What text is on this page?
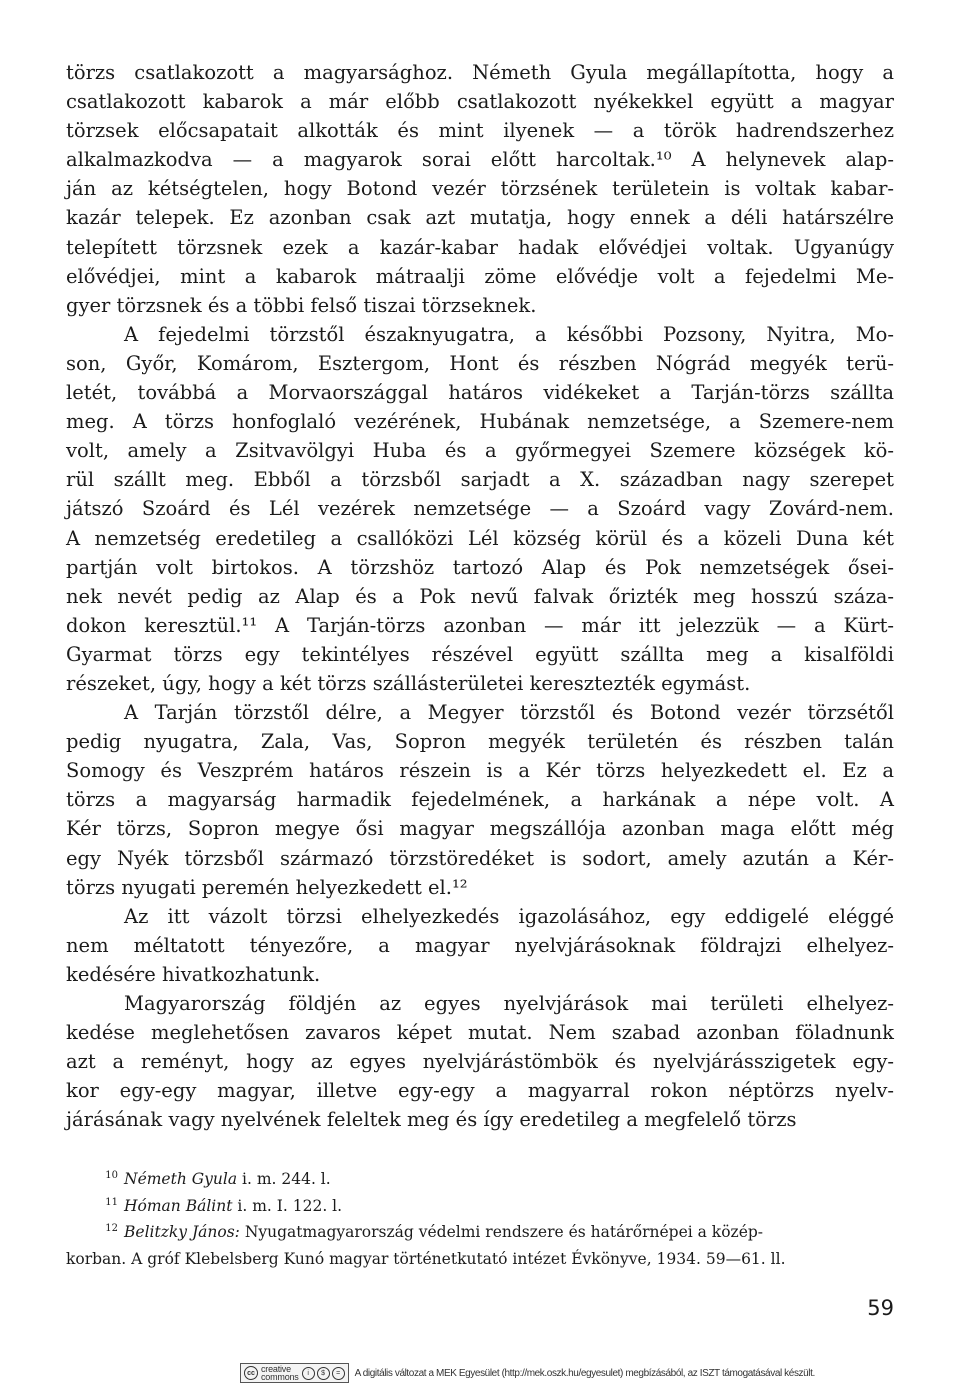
törzs csatlakozott a magyarsághoz. Németh Gyula megállapította, hogy a
csatlakozott kabarok a már előbb csatlakozott nyékekkel együtt a magyar
törzsek előcsapatait alkották és mint ilyenek — a török hadrendszerhez
alkalmazkodva — a magyarok sorai előtt harcoltak.¹⁰ A helynevek alap-
ján az kétségtelen, hogy Botond vezér törzsének területein is voltak kabar-
kazár telepek. Ez azonban csak azt mutatja, hogy ennek a déli határszélre
telepített törzsnek ezek a kazár-kabar hadak elővédjei voltak. Ugyanúgy
elővédjei, mint a kabarok mátraalji zöme elővédje volt a fejedelmi Me-
gyer törzsnek és a többi felső tiszai törzseknek.

A fejedelmi törzstől északnyugatra, a későbbi Pozsony, Nyitra, Mo-
son, Győr, Komárom, Esztergom, Hont és részben Nógrád megyék terü-
letét, továbbá a Morvaországgal határos vidékeket a Tarján-törzs szállta
meg. A törzs honfoglaló vezérének, Hubának nemzetsége, a Szemere-nem
volt, amely a Zsitvavölgyi Huba és a győrmegyei Szemere községek kö-
rül szállt meg. Ebből a törzsből sarjadt a X. században nagy szerepet
játszó Szoárd és Lél vezérek nemzetsége — a Szoárd vagy Zovárd-nem.
A nemzetség eredetileg a csallóközi Lél község körül és a közeli Duna két
partján volt birtokos. A törzshöz tartozó Alap és Pok nemzetségek ősei-
nek nevét pedig az Alap és a Pok nevű falvak őrizték meg hosszú száza-
dokon keresztül.¹¹ A Tarján-törzs azonban — már itt jelezzük — a Kürt-
Gyarmat törzs egy tekintélyes részével együtt szállta meg a kisalföldi
részeket, úgy, hogy a két törzs szállásterületei keresztezték egymást.

A Tarján törzstől délre, a Megyer törzstől és Botond vezér törzsétől
pedig nyugatra, Zala, Vas, Sopron megyék területén és részben talán
Somogy és Veszprém határos részein is a Kér törzs helyezkedett el. Ez a
törzs a magyarság harmadik fejedelmének, a harkának a népe volt. A
Kér törzs, Sopron megye ősi magyar megszállója azonban maga előtt még
egy Nyék törzsből származó törzstöredéket is sodort, amely azután a Kér-
törzs nyugati peremén helyezkedett el.¹²

Az itt vázolt törzsi elhelyezkedés igazolásához, egy eddigelé eléggé
nem méltatott tényezőre, a magyar nyelvjárásoknak földrajzi elhelyez-
kedésére hivatkozhatunk.

Magyarország földjén az egyes nyelvjárások mai területi elhelyez-
kedése meglehetősen zavaros képet mutat. Nem szabad azonban föladnunk
azt a reményt, hogy az egyes nyelvjárástömbök és nyelvjárásszigetek egy-
kor egy-egy magyar, illetve egy-egy a magyarral rokon néptörzs nyelv-
járásának vagy nyelvének feleltek meg és így eredetileg a megfelelő törzs

$^{10}$ Németh Gyula i. m. 244. l.
$^{11}$ Hóman Bálint i. m. I. 122. l.
$^{12}$ Belitzky János: Nyugatmagyarország védelmi rendszere és határőrnépei a közép-
korban. A gróf Klebelsberg Kunó magyar történetkutató intézet Évkönyve, 1934. 59—61. ll.
59
cc creative
commons	i	$	=	A digitális változat a MEK Egyesület (http://mek.oszk.hu/egyesulet) megbízásából, az ISZT támogatásával készült.
